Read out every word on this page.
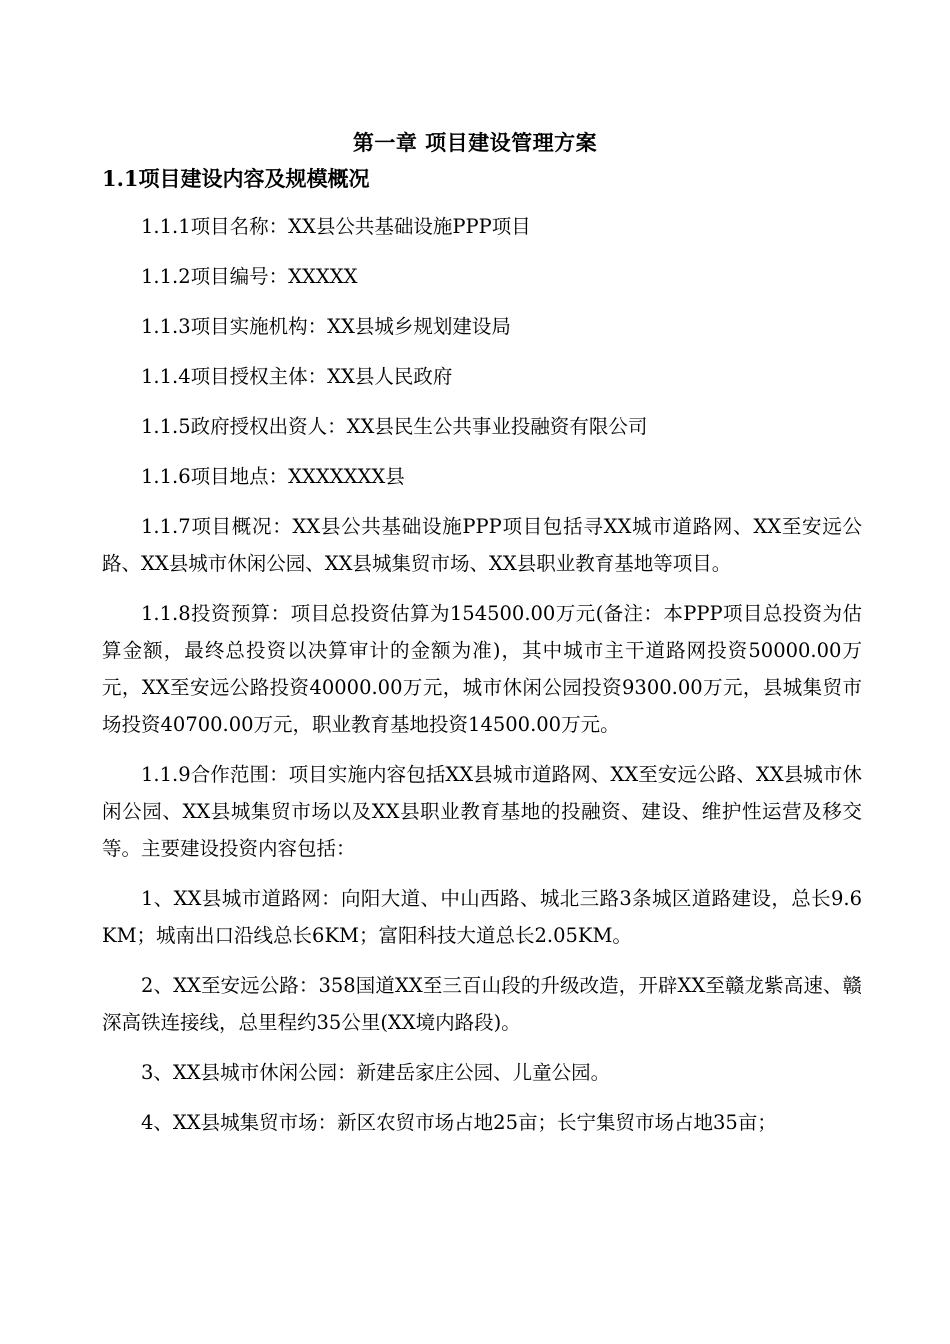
第一章 项目建设管理方案
1.1项目建设内容及规模概况

1.1.1项目名称：XX县公共基础设施PPP项目

1.1.2项目编号：XXXXX

1.1.3项目实施机构：XX县城乡规划建设局

1.1.4项目授权主体：XX县人民政府

1.1.5政府授权出资人：XX县民生公共事业投融资有限公司

1.1.6项目地点：XXXXXXX县

1.1.7项目概况：XX县公共基础设施PPP项目包括寻XX城市道路网、XX至安远公路、XX县城市休闲公园、XX县城集贸市场、XX县职业教育基地等项目。

1.1.8投资预算：项目总投资估算为154500.00万元(备注：本PPP项目总投资为估算金额，最终总投资以决算审计的金额为准)，其中城市主干道路网投资50000.00万元，XX至安远公路投资40000.00万元，城市休闲公园投资9300.00万元，县城集贸市场投资40700.00万元，职业教育基地投资14500.00万元。

1.1.9合作范围：项目实施内容包括XX县城市道路网、XX至安远公路、XX县城市休闲公园、XX县城集贸市场以及XX县职业教育基地的投融资、建设、维护性运营及移交等。主要建设投资内容包括：

1、XX县城市道路网：向阳大道、中山西路、城北三路3条城区道路建设，总长9.6KM；城南出口沿线总长6KM；富阳科技大道总长2.05KM。

2、XX至安远公路：358国道XX至三百山段的升级改造，开辟XX至赣龙紫高速、赣深高铁连接线，总里程约35公里(XX境内路段)。

3、XX县城市休闲公园：新建岳家庄公园、儿童公园。

4、XX县城集贸市场：新区农贸市场占地25亩；长宁集贸市场占地35亩；
